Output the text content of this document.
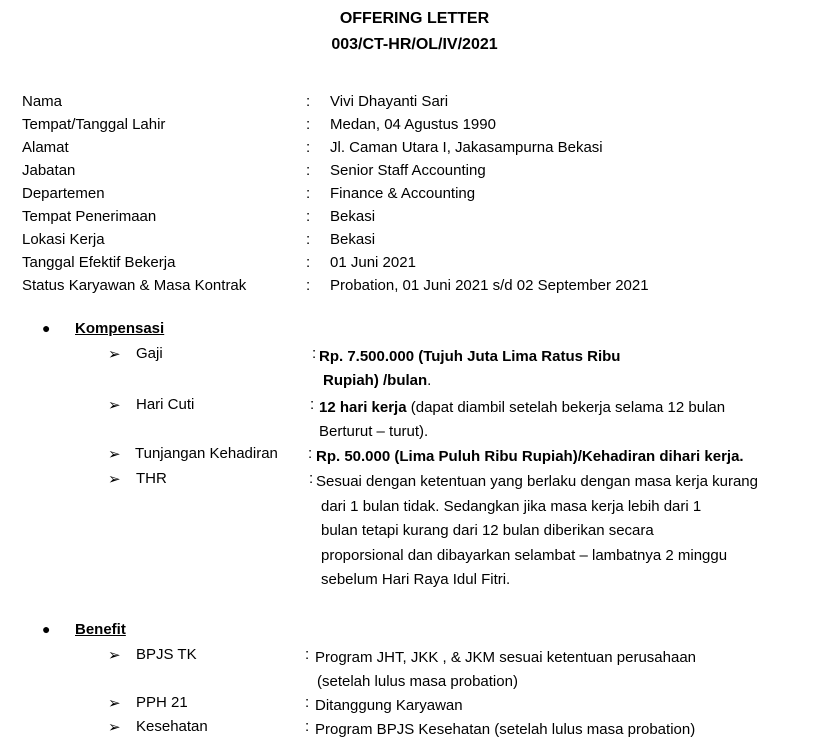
OFFERING LETTER
003/CT-HR/OL/IV/2021
Nama	: Vivi Dhayanti Sari
Tempat/Tanggal Lahir	: Medan, 04 Agustus 1990
Alamat	: Jl. Caman Utara I, Jakasampurna Bekasi
Jabatan	: Senior Staff Accounting
Departemen	: Finance & Accounting
Tempat Penerimaan	: Bekasi
Lokasi Kerja	: Bekasi
Tanggal Efektif Bekerja	: 01 Juni 2021
Status Karyawan & Masa Kontrak	: Probation, 01 Juni 2021 s/d 02 September 2021
● Kompensasi
➢ Gaji	: Rp. 7.500.000 (Tujuh Juta Lima Ratus Ribu
Rupiah) /bulan.
➢ Hari Cuti	: 12 hari kerja (dapat diambil setelah bekerja selama 12 bulan
Berturut – turut).
➢ Tunjangan Kehadiran : Rp. 50.000 (Lima Puluh Ribu Rupiah)/Kehadiran dihari kerja.
➢ THR	: Sesuai dengan ketentuan yang berlaku dengan masa kerja kurang
dari 1 bulan tidak. Sedangkan jika masa kerja lebih dari 1
bulan tetapi kurang dari 12 bulan diberikan secara
proporsional dan dibayarkan selambat – lambatnya 2 minggu
sebelum Hari Raya Idul Fitri.
● Benefit
➢ BPJS TK	: Program JHT, JKK , & JKM sesuai ketentuan perusahaan
(setelah lulus masa probation)
➢ PPH 21	: Ditanggung Karyawan
➢ Kesehatan	: Program BPJS Kesehatan (setelah lulus masa probation)
